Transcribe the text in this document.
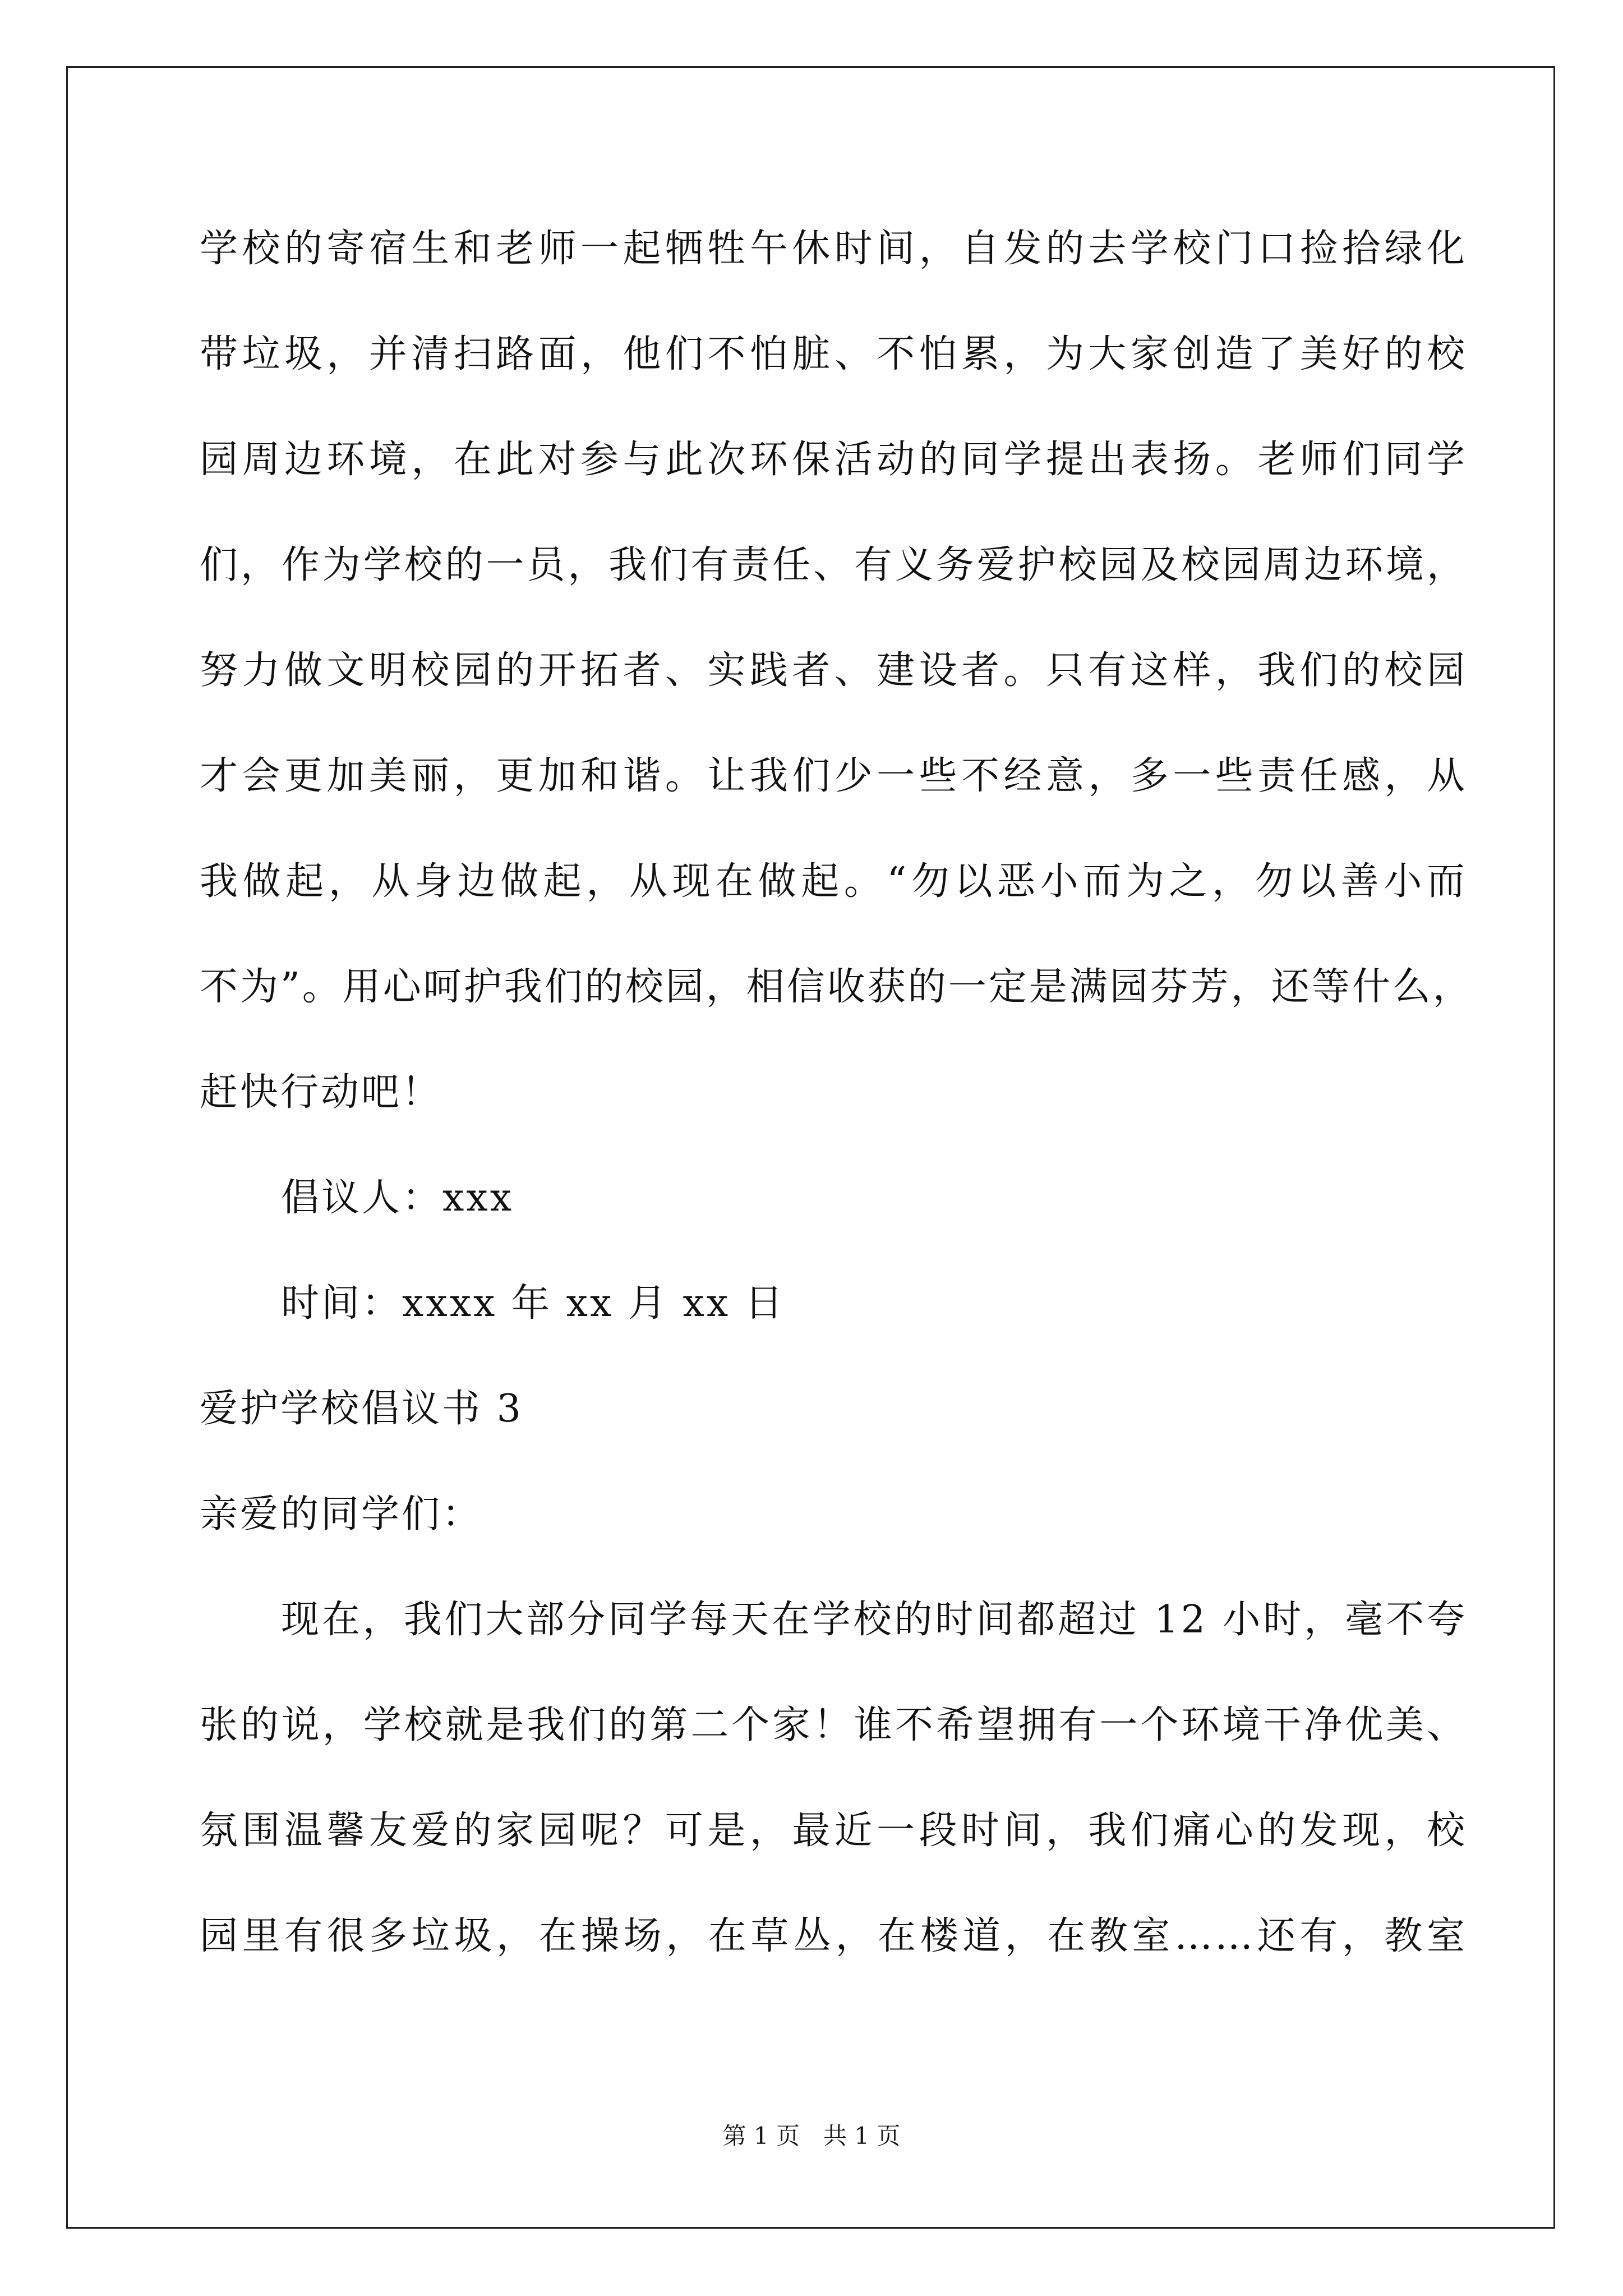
学校的寄宿生和老师一起牺牲午休时间，自发的去学校门口捡拾绿化
带垃圾，并清扫路面，他们不怕脏、不怕累，为大家创造了美好的校
园周边环境，在此对参与此次环保活动的同学提出表扬。老师们同学
们，作为学校的一员，我们有责任、有义务爱护校园及校园周边环境，
努力做文明校园的开拓者、实践者、建设者。只有这样，我们的校园
才会更加美丽，更加和谐。让我们少一些不经意，多一些责任感，从
我做起，从身边做起，从现在做起。“勿以恶小而为之，勿以善小而
不为”。用心呵护我们的校园，相信收获的一定是满园芬芳，还等什么，
赶快行动吧！
倡议人：xxx
时间：xxxx 年 xx 月 xx 日
爱护学校倡议书 3
亲爱的同学们：
现在，我们大部分同学每天在学校的时间都超过 12 小时，毫不夸
张的说，学校就是我们的第二个家！谁不希望拥有一个环境干净优美、
氛围温馨友爱的家园呢？可是，最近一段时间，我们痛心的发现，校
园里有很多垃圾，在操场，在草丛，在楼道，在教室……还有，教室
第 1 页　共 1 页
